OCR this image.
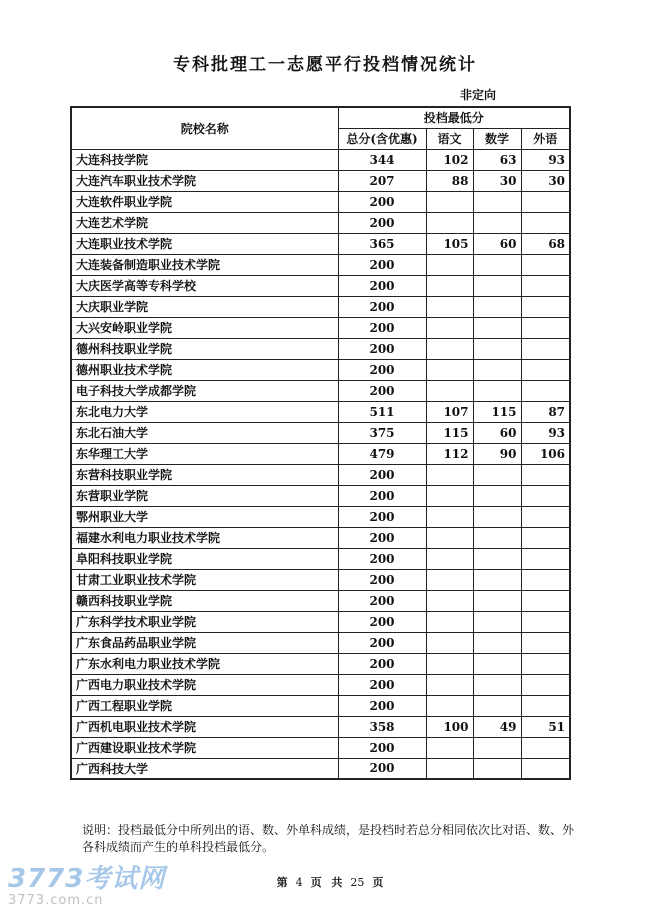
专科批理工一志愿平行投档情况统计
非定向
院校名称	投档最低分			
	总分(含优惠)	语文	数学	外语
大连科技学院	344	102	63	93
大连汽车职业技术学院	207	88	30	30
大连软件职业学院	200			
大连艺术学院	200			
大连职业技术学院	365	105	60	68
大连装备制造职业技术学院	200			
大庆医学高等专科学校	200			
大庆职业学院	200			
大兴安岭职业学院	200			
德州科技职业学院	200			
德州职业技术学院	200			
电子科技大学成都学院	200			
东北电力大学	511	107	115	87
东北石油大学	375	115	60	93
东华理工大学	479	112	90	106
东营科技职业学院	200			
东营职业学院	200			
鄂州职业大学	200			
福建水利电力职业技术学院	200			
阜阳科技职业学院	200			
甘肃工业职业技术学院	200			
赣西科技职业学院	200			
广东科学技术职业学院	200			
广东食品药品职业学院	200			
广东水利电力职业技术学院	200			
广西电力职业技术学院	200			
广西工程职业学院	200			
广西机电职业技术学院	358	100	49	51
广西建设职业技术学院	200			
广西科技大学	200			
说明：投档最低分中所列出的语、数、外单科成绩，是投档时若总分相同依次比对语、数、外各科成绩而产生的单科投档最低分。
3773考试网
3773.com.cn
第 4 页 共 25 页
